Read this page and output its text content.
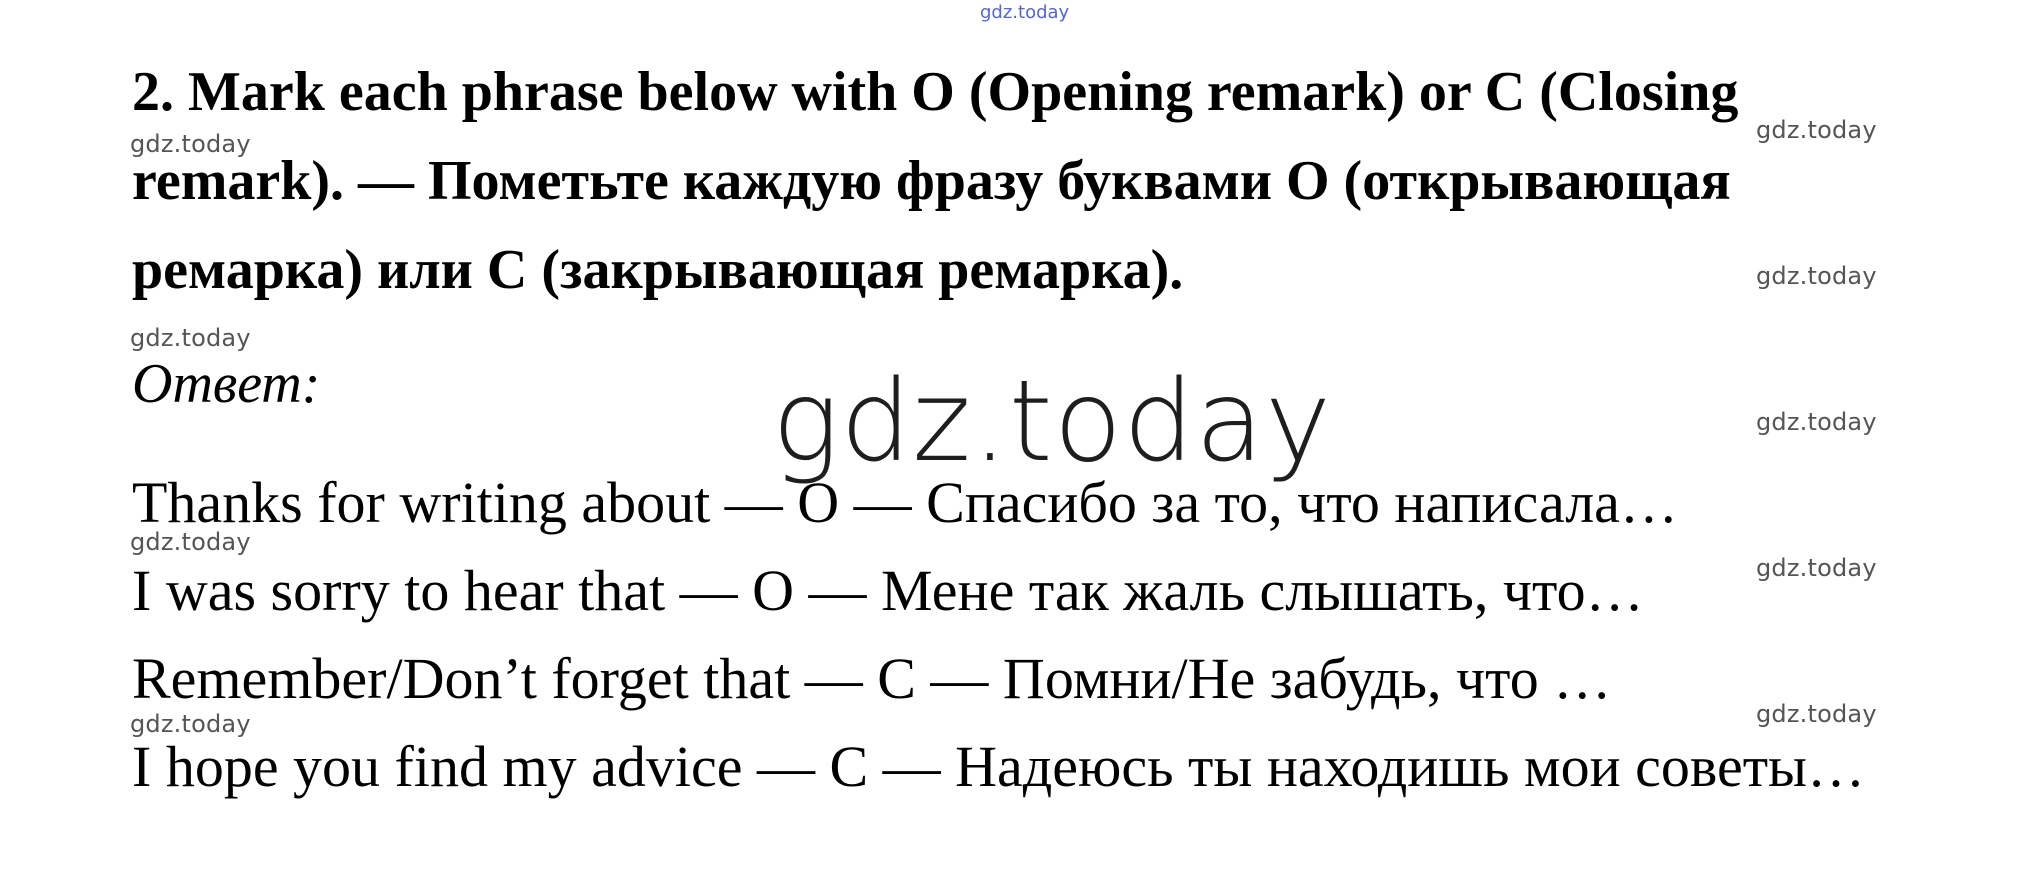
gdz.today
2. Mark each phrase below with O (Opening remark) or C (Closing
remark). — Пометьте каждую фразу буквами О (открывающая
ремарка) или С (закрывающая ремарка).
Ответ:	gdz.today
Thanks for writing about — O — Спасибо за то, что написала…
I was sorry to hear that — O — Мене так жаль слышать, что…
Remember/Don’t forget that — C — Помни/Не забудь, что …
I hope you find my advice — C — Надеюсь ты находишь мои советы…
gdz.today
gdz.today
gdz.today
gdz.today
gdz.today
gdz.today
gdz.today
gdz.today
gdz.today
